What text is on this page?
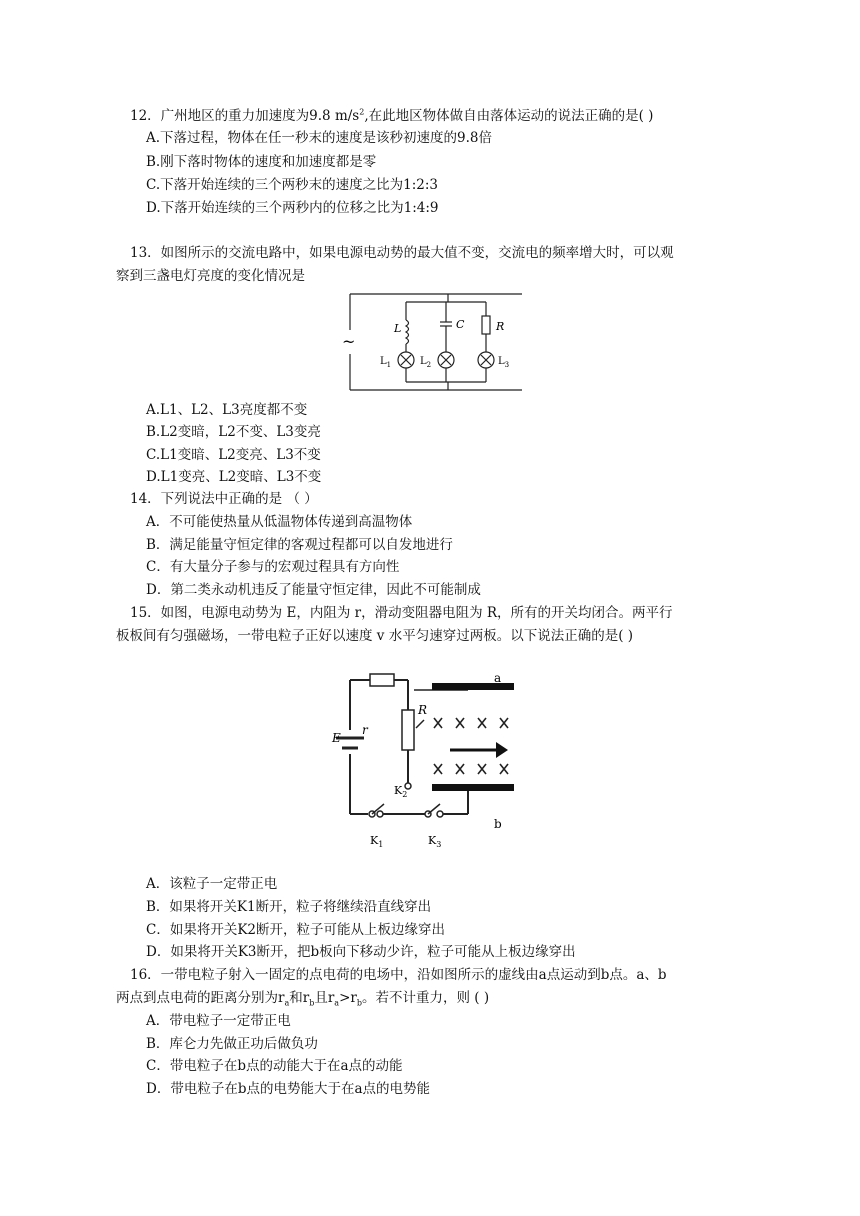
12．广州地区的重力加速度为9.8 $m/s^2$,在此地区物体做自由落体运动的说法正确的是( )
A.下落过程，物体在任一秒末的速度是该秒初速度的9.8倍
B.刚下落时物体的速度和加速度都是零
C.下落开始连续的三个两秒末的速度之比为1:2:3
D.下落开始连续的三个两秒内的位移之比为1:4:9
13．如图所示的交流电路中，如果电源电动势的最大值不变，交流电的频率增大时，可以观
察到三盏电灯亮度的变化情况是
~
L	C	R
$L_1$	$L_2$	$L_3$
A.L1、L2、L3亮度都不变
B.L2变暗，L2不变、L3变亮
C.L1变暗、L2变亮、L3不变
D.L1变亮、L2变暗、L3不变
14．下列说法中正确的是 （ ）
A．不可能使热量从低温物体传递到高温物体
B．满足能量守恒定律的客观过程都可以自发地进行
C．有大量分子参与的宏观过程具有方向性
D．第二类永动机违反了能量守恒定律，因此不可能制成
15．如图，电源电动势为 E，内阻为 r，滑动变阻器电阻为 R，所有的开关均闭合。两平行
板板间有匀强磁场，一带电粒子正好以速度 v 水平匀速穿过两板。以下说法正确的是( )
E
r
R
a
b
$K_1$
$K_2$
$K_3$
A．该粒子一定带正电
B．如果将开关K1断开，粒子将继续沿直线穿出
C．如果将开关K2断开，粒子可能从上板边缘穿出
D．如果将开关K3断开，把b板向下移动少许，粒子可能从上板边缘穿出
16．一带电粒子射入一固定的点电荷的电场中，沿如图所示的虚线由a点运动到b点。a、b
两点到点电荷的距离分别为$r_a$和$r_b$且$r_a>r_b$。若不计重力，则 ( )
A．带电粒子一定带正电
B．库仑力先做正功后做负功
C．带电粒子在b点的动能大于在a点的动能
D．带电粒子在b点的电势能大于在a点的电势能
